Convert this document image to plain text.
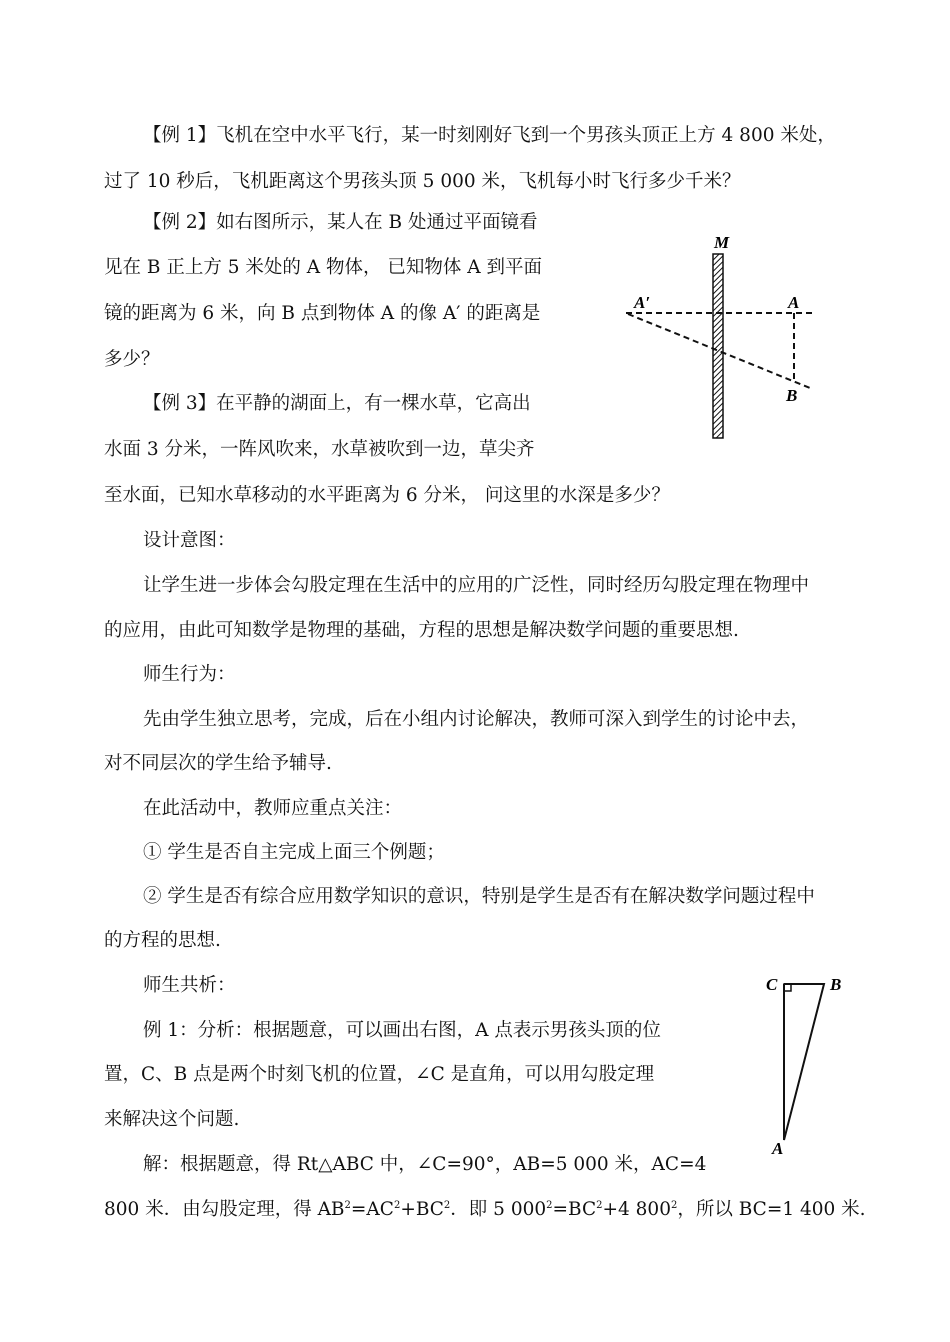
【例 1】飞机在空中水平飞行，某一时刻刚好飞到一个男孩头顶正上方 4 800 米处，
过了 10 秒后，飞机距离这个男孩头顶 5 000 米，飞机每小时飞行多少千米？
【例 2】如右图所示，某人在 B 处通过平面镜看
见在 B 正上方 5 米处的 A 物体， 已知物体 A 到平面
镜的距离为 6 米，向 B 点到物体 A 的像 A′ 的距离是
多少？
【例 3】在平静的湖面上，有一棵水草，它高出
水面 3 分米，一阵风吹来，水草被吹到一边，草尖齐
至水面，已知水草移动的水平距离为 6 分米， 问这里的水深是多少？
设计意图：
让学生进一步体会勾股定理在生活中的应用的广泛性，同时经历勾股定理在物理中
的应用，由此可知数学是物理的基础，方程的思想是解决数学问题的重要思想.
师生行为：
先由学生独立思考，完成，后在小组内讨论解决，教师可深入到学生的讨论中去，
对不同层次的学生给予辅导.
在此活动中，教师应重点关注：
① 学生是否自主完成上面三个例题；
② 学生是否有综合应用数学知识的意识，特别是学生是否有在解决数学问题过程中
的方程的思想.
师生共析：
例 1：分析：根据题意，可以画出右图，A 点表示男孩头顶的位
置，C、B 点是两个时刻飞机的位置，∠C 是直角，可以用勾股定理
来解决这个问题.
解：根据题意，得 Rt△ABC 中，∠C=90°，AB=5 000 米，AC=4
800 米．由勾股定理，得 $AB^2=AC^2+BC^2$．即 5 $000^2=BC^2+4$ $800^2$，所以 BC=1 400 米.
M
A′	A
B
C	B
A
